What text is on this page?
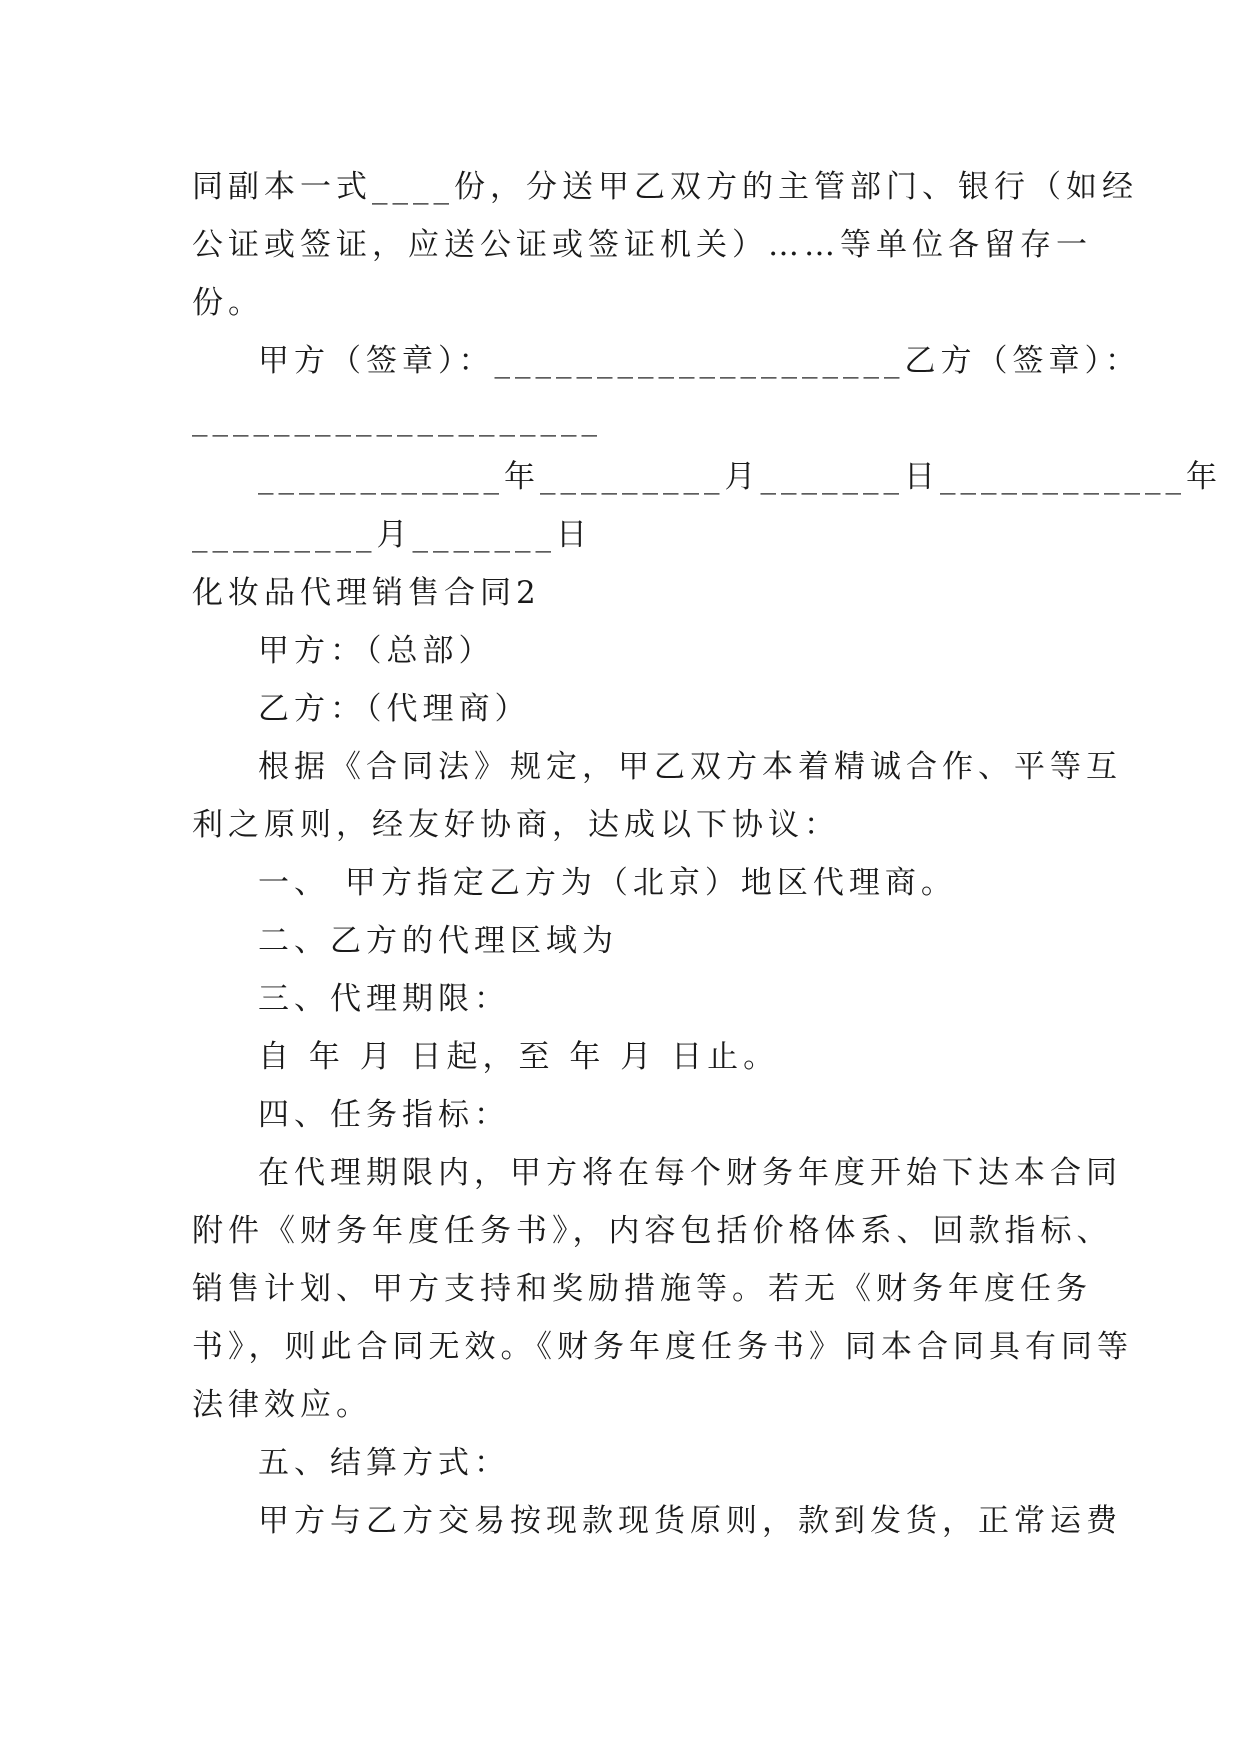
同副本一式____份，分送甲乙双方的主管部门、银行（如经

公证或签证，应送公证或签证机关）……等单位各留存一

份。

甲方（签章）：____________________乙方（签章）：

____________________

____________年_________月_______日____________年

_________月_______日

化妆品代理销售合同2

甲方：（总部）

乙方：（代理商）

根据《合同法》规定，甲乙双方本着精诚合作、平等互

利之原则，经友好协商，达成以下协议：

一、 甲方指定乙方为（北京）地区代理商。

二、乙方的代理区域为

三、代理期限：

自 年 月 日起，至 年 月 日止。

四、任务指标：

在代理期限内，甲方将在每个财务年度开始下达本合同

附件《财务年度任务书》，内容包括价格体系、回款指标、

销售计划、甲方支持和奖励措施等。若无《财务年度任务

书》，则此合同无效。《财务年度任务书》同本合同具有同等

法律效应。

五、结算方式：

甲方与乙方交易按现款现货原则，款到发货，正常运费
